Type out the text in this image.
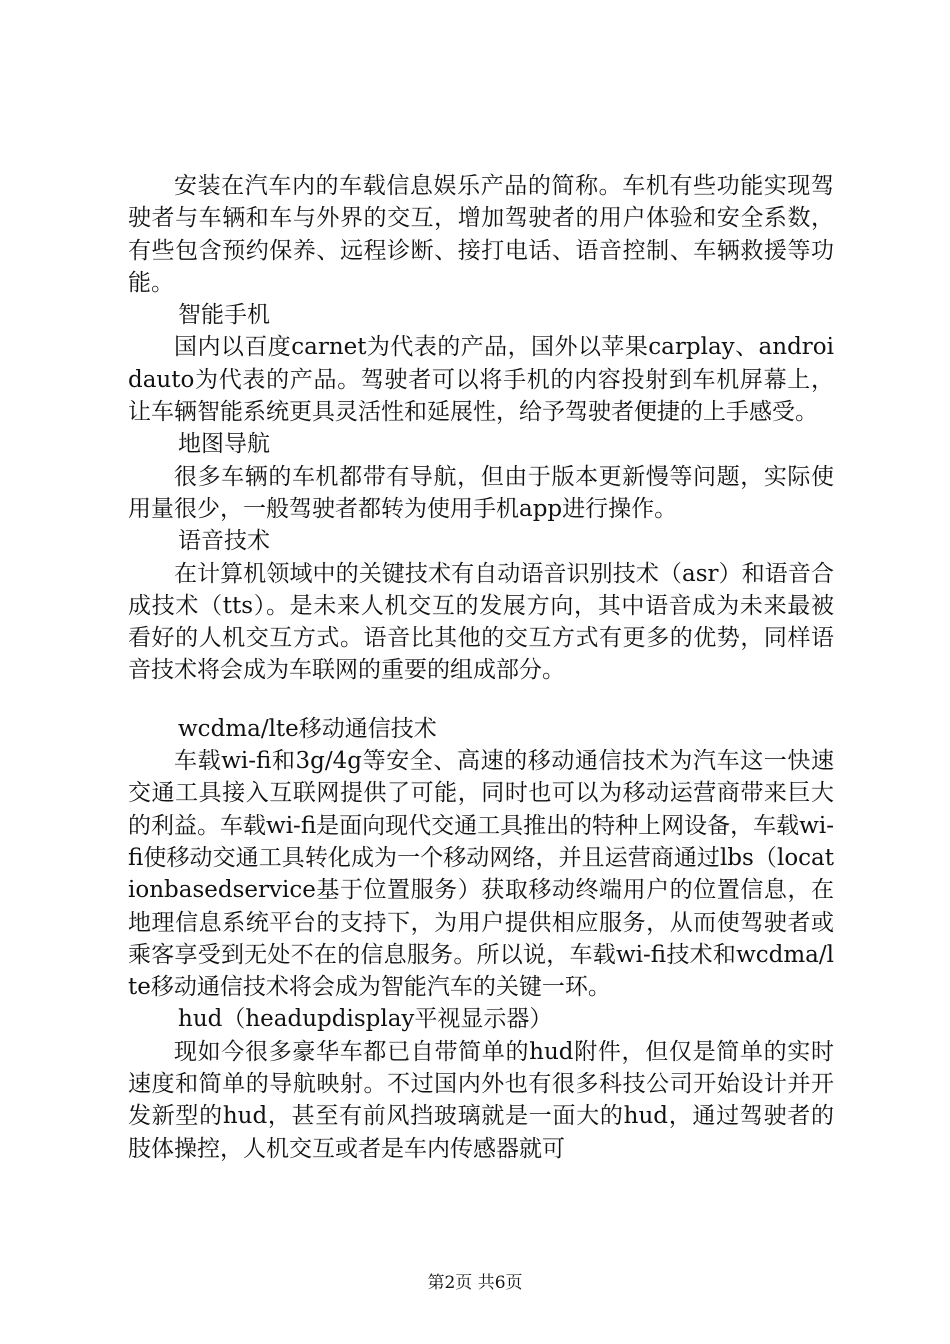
安装在汽车内的车载信息娱乐产品的简称。车机有些功能实现驾驶者与车辆和车与外界的交互，增加驾驶者的用户体验和安全系数，有些包含预约保养、远程诊断、接打电话、语音控制、车辆救援等功能。

智能手机

国内以百度carnet为代表的产品，国外以苹果carplay、androidauto为代表的产品。驾驶者可以将手机的内容投射到车机屏幕上，让车辆智能系统更具灵活性和延展性，给予驾驶者便捷的上手感受。

地图导航

很多车辆的车机都带有导航，但由于版本更新慢等问题，实际使用量很少，一般驾驶者都转为使用手机app进行操作。

语音技术

在计算机领域中的关键技术有自动语音识别技术（asr）和语音合成技术（tts）。是未来人机交互的发展方向，其中语音成为未来最被看好的人机交互方式。语音比其他的交互方式有更多的优势，同样语音技术将会成为车联网的重要的组成部分。

wcdma/lte移动通信技术

车载wi-fi和3g/4g等安全、高速的移动通信技术为汽车这一快速交通工具接入互联网提供了可能，同时也可以为移动运营商带来巨大的利益。车载wi-fi是面向现代交通工具推出的特种上网设备，车载wi-fi使移动交通工具转化成为一个移动网络，并且运营商通过lbs（locationbasedservice基于位置服务）获取移动终端用户的位置信息，在地理信息系统平台的支持下，为用户提供相应服务，从而使驾驶者或乘客享受到无处不在的信息服务。所以说，车载wi-fi技术和wcdma/lte移动通信技术将会成为智能汽车的关键一环。

hud（headupdisplay平视显示器）

现如今很多豪华车都已自带简单的hud附件，但仅是简单的实时速度和简单的导航映射。不过国内外也有很多科技公司开始设计并开发新型的hud，甚至有前风挡玻璃就是一面大的hud，通过驾驶者的肢体操控，人机交互或者是车内传感器就可

第2页 共6页
